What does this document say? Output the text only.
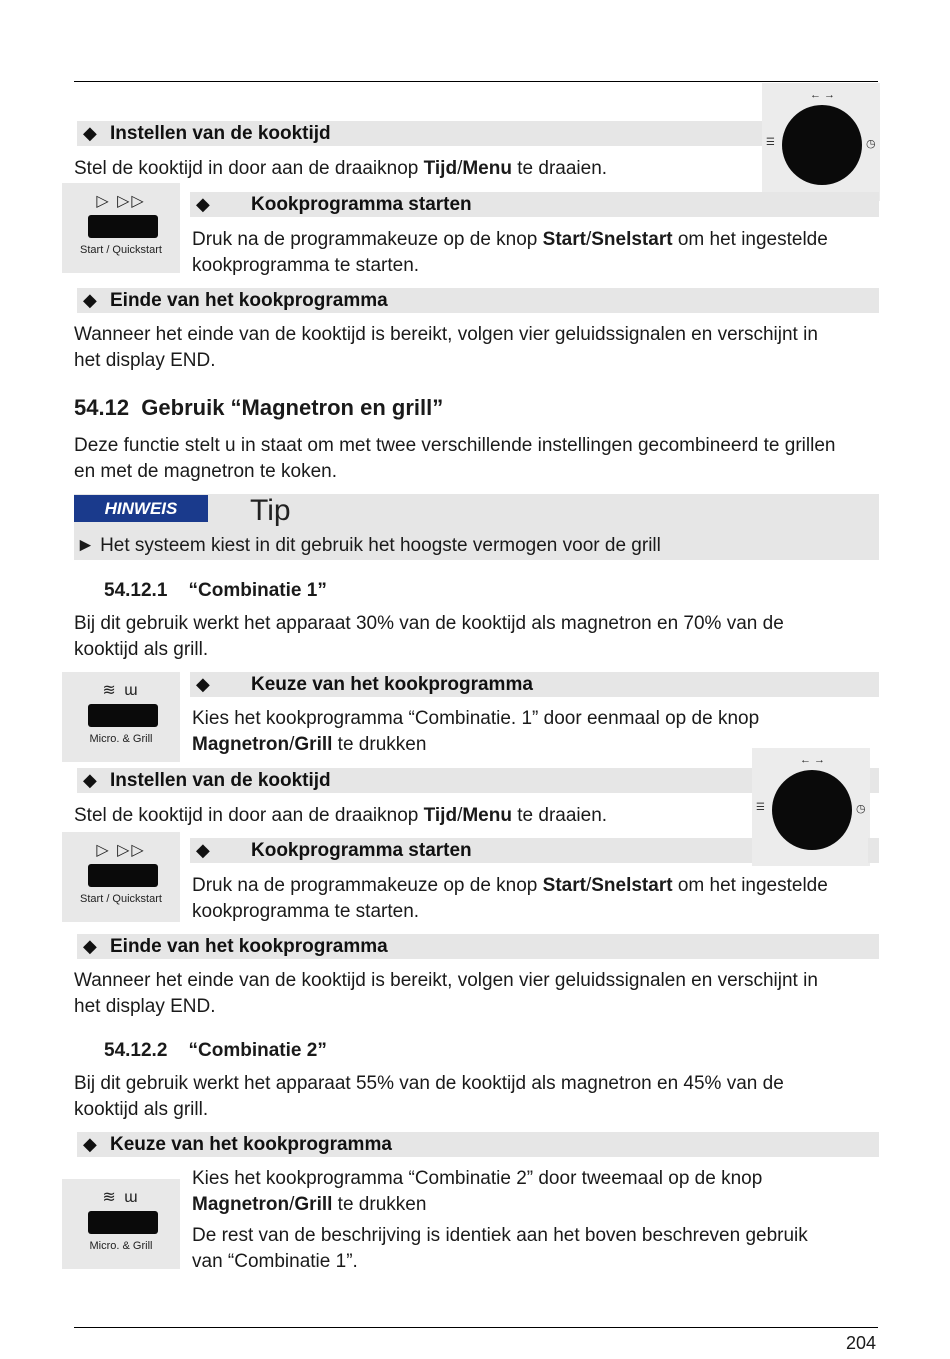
← →
☰	◷
◆ Instellen van de kooktijd
Stel de kooktijd in door aan de draaiknop Tijd/Menu te draaien.
▷ ▷▷
Start / Quickstart
◆ Kookprogramma starten
Druk na de programmakeuze op de knop Start/Snelstart om het ingestelde
kookprogramma te starten.
◆ Einde van het kookprogramma
Wanneer het einde van de kooktijd is bereikt, volgen vier geluidssignalen en verschijnt in
het display END.
54.12 Gebruik “Magnetron en grill”
Deze functie stelt u in staat om met twee verschillende instellingen gecombineerd te grillen
en met de magnetron te koken.
HINWEIS	Tip
► Het systeem kiest in dit gebruik het hoogste vermogen voor de grill
54.12.1 “Combinatie 1”
Bij dit gebruik werkt het apparaat 30% van de kooktijd als magnetron en 70% van de
kooktijd als grill.
≋ ɯ
Micro. & Grill
◆ Keuze van het kookprogramma
Kies het kookprogramma “Combinatie. 1” door eenmaal op de knop
Magnetron/Grill te drukken
◆ Instellen van de kooktijd
← →
☰	◷
Stel de kooktijd in door aan de draaiknop Tijd/Menu te draaien.
▷ ▷▷
Start / Quickstart
◆ Kookprogramma starten
Druk na de programmakeuze op de knop Start/Snelstart om het ingestelde
kookprogramma te starten.
◆ Einde van het kookprogramma
Wanneer het einde van de kooktijd is bereikt, volgen vier geluidssignalen en verschijnt in
het display END.
54.12.2 “Combinatie 2”
Bij dit gebruik werkt het apparaat 55% van de kooktijd als magnetron en 45% van de
kooktijd als grill.
◆ Keuze van het kookprogramma
≋ ɯ
Micro. & Grill
Kies het kookprogramma “Combinatie 2” door tweemaal op de knop
Magnetron/Grill te drukken
De rest van de beschrijving is identiek aan het boven beschreven gebruik
van “Combinatie 1”.
204
